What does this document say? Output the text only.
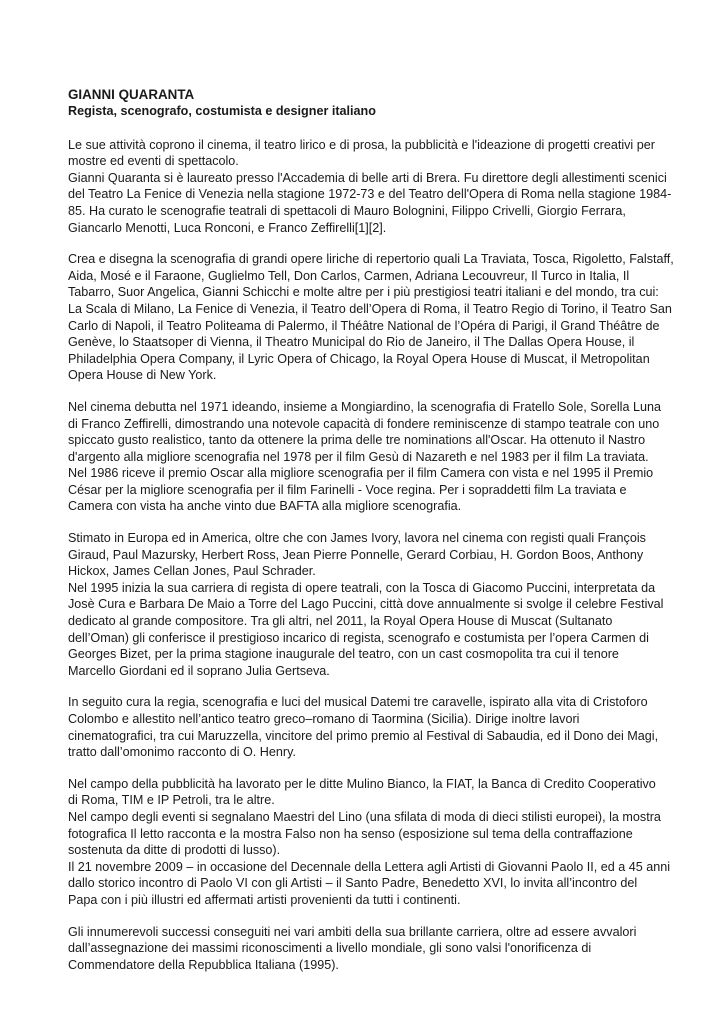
GIANNI QUARANTA
Regista, scenografo, costumista e designer italiano
Le sue attività coprono il cinema, il teatro lirico e di prosa, la pubblicità e l'ideazione di progetti creativi per
mostre ed eventi di spettacolo.
Gianni Quaranta si è laureato presso l'Accademia di belle arti di Brera. Fu direttore degli allestimenti scenici
del Teatro La Fenice di Venezia nella stagione 1972-73 e del Teatro dell'Opera di Roma nella stagione 1984-
85. Ha curato le scenografie teatrali di spettacoli di Mauro Bolognini, Filippo Crivelli, Giorgio Ferrara,
Giancarlo Menotti, Luca Ronconi, e Franco Zeffirelli[1][2].
Crea e disegna la scenografia di grandi opere liriche di repertorio quali La Traviata, Tosca, Rigoletto, Falstaff,
Aida, Mosé e il Faraone, Guglielmo Tell, Don Carlos, Carmen, Adriana Lecouvreur, Il Turco in Italia, Il
Tabarro, Suor Angelica, Gianni Schicchi e molte altre per i più prestigiosi teatri italiani e del mondo, tra cui:
La Scala di Milano, La Fenice di Venezia, il Teatro dell’Opera di Roma, il Teatro Regio di Torino, il Teatro San
Carlo di Napoli, il Teatro Politeama di Palermo, il Théâtre National de l’Opéra di Parigi, il Grand Théâtre de
Genève, lo Staatsoper di Vienna, il Theatro Municipal do Rio de Janeiro, il The Dallas Opera House, il
Philadelphia Opera Company, il Lyric Opera of Chicago, la Royal Opera House di Muscat, il Metropolitan
Opera House di New York.
Nel cinema debutta nel 1971 ideando, insieme a Mongiardino, la scenografia di Fratello Sole, Sorella Luna
di Franco Zeffirelli, dimostrando una notevole capacità di fondere reminiscenze di stampo teatrale con uno
spiccato gusto realistico, tanto da ottenere la prima delle tre nominations all'Oscar. Ha ottenuto il Nastro
d'argento alla migliore scenografia nel 1978 per il film Gesù di Nazareth e nel 1983 per il film La traviata.
Nel 1986 riceve il premio Oscar alla migliore scenografia per il film Camera con vista e nel 1995 il Premio
César per la migliore scenografia per il film Farinelli - Voce regina. Per i sopraddetti film La traviata e
Camera con vista ha anche vinto due BAFTA alla migliore scenografia.
Stimato in Europa ed in America, oltre che con James Ivory, lavora nel cinema con registi quali François
Giraud, Paul Mazursky, Herbert Ross, Jean Pierre Ponnelle, Gerard Corbiau, H. Gordon Boos, Anthony
Hickox, James Cellan Jones, Paul Schrader.
Nel 1995 inizia la sua carriera di regista di opere teatrali, con la Tosca di Giacomo Puccini, interpretata da
Josè Cura e Barbara De Maio a Torre del Lago Puccini, città dove annualmente si svolge il celebre Festival
dedicato al grande compositore. Tra gli altri, nel 2011, la Royal Opera House di Muscat (Sultanato
dell’Oman) gli conferisce il prestigioso incarico di regista, scenografo e costumista per l’opera Carmen di
Georges Bizet, per la prima stagione inaugurale del teatro, con un cast cosmopolita tra cui il tenore
Marcello Giordani ed il soprano Julia Gertseva.
In seguito cura la regia, scenografia e luci del musical Datemi tre caravelle, ispirato alla vita di Cristoforo
Colombo e allestito nell’antico teatro greco–romano di Taormina (Sicilia). Dirige inoltre lavori
cinematografici, tra cui Maruzzella, vincitore del primo premio al Festival di Sabaudia, ed il Dono dei Magi,
tratto dall’omonimo racconto di O. Henry.
Nel campo della pubblicità ha lavorato per le ditte Mulino Bianco, la FIAT, la Banca di Credito Cooperativo
di Roma, TIM e IP Petroli, tra le altre.
Nel campo degli eventi si segnalano Maestri del Lino (una sfilata di moda di dieci stilisti europei), la mostra
fotografica Il letto racconta e la mostra Falso non ha senso (esposizione sul tema della contraffazione
sostenuta da ditte di prodotti di lusso).
Il 21 novembre 2009 – in occasione del Decennale della Lettera agli Artisti di Giovanni Paolo II, ed a 45 anni
dallo storico incontro di Paolo VI con gli Artisti – il Santo Padre, Benedetto XVI, lo invita all’incontro del
Papa con i più illustri ed affermati artisti provenienti da tutti i continenti.
Gli innumerevoli successi conseguiti nei vari ambiti della sua brillante carriera, oltre ad essere avvalori
dall’assegnazione dei massimi riconoscimenti a livello mondiale, gli sono valsi l'onorificenza di
Commendatore della Repubblica Italiana (1995).
